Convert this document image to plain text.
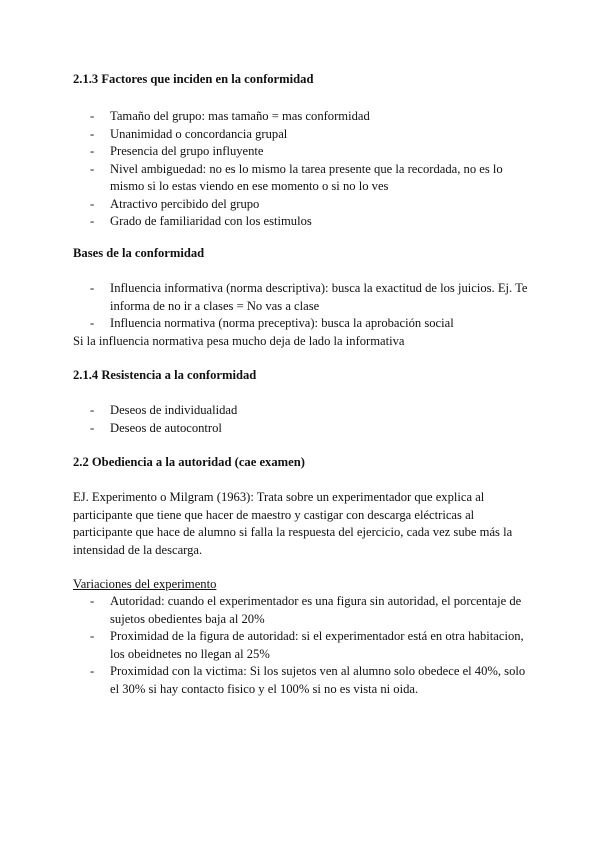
2.1.3 Factores que inciden en la conformidad
- Tamaño del grupo: mas tamaño = mas conformidad
- Unanimidad o concordancia grupal
- Presencia del grupo influyente
- Nivel ambiguedad: no es lo mismo la tarea presente que la recordada, no es lo mismo si lo estas viendo en ese momento o si no lo ves
- Atractivo percibido del grupo
- Grado de familiaridad con los estimulos
Bases de la conformidad
- Influencia informativa (norma descriptiva): busca la exactitud de los juicios. Ej. Te informa de no ir a clases = No vas a clase
- Influencia normativa (norma preceptiva): busca la aprobación social

Si la influencia normativa pesa mucho deja de lado la informativa

2.1.4 Resistencia a la conformidad
- Deseos de individualidad
- Deseos de autocontrol
2.2 Obediencia a la autoridad (cae examen)

EJ. Experimento o Milgram (1963): Trata sobre un experimentador que explica al participante que tiene que hacer de maestro y castigar con descarga eléctricas al participante que hace de alumno si falla la respuesta del ejercicio, cada vez sube más la intensidad de la descarga.

Variaciones del experimento

- Autoridad: cuando el experimentador es una figura sin autoridad, el porcentaje de sujetos obedientes baja al 20%
- Proximidad de la figura de autoridad: si el experimentador está en otra habitacion, los obeidnetes no llegan al 25%
- Proximidad con la victima: Si los sujetos ven al alumno solo obedece el 40%, solo el 30% si hay contacto fisico y el 100% si no es vista ni oida.
